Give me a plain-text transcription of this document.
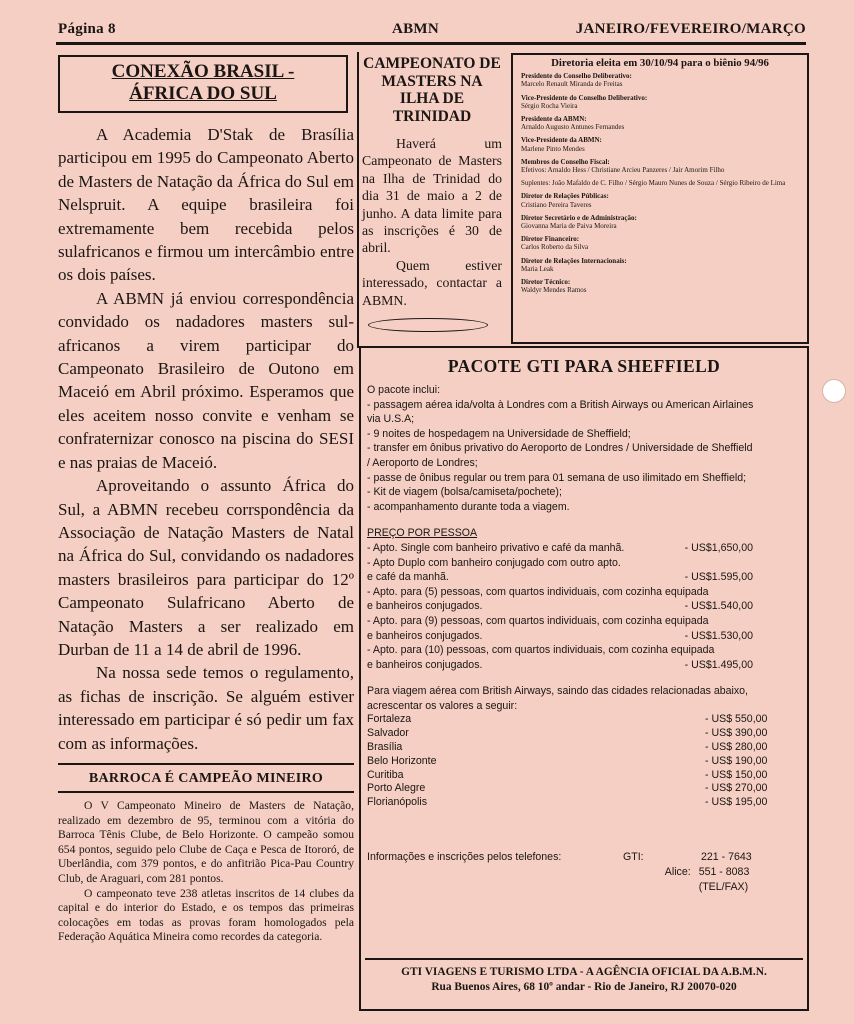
Página 8	ABMN	JANEIRO/FEVEREIRO/MARÇO
CONEXÃO BRASIL -
ÁFRICA DO SUL

A Academia D'Stak de Brasília participou em 1995 do Campeonato Aberto de Masters de Natação da África do Sul em Nelspruit. A equipe brasileira foi extremamente bem recebida pelos sulafricanos e firmou um intercâmbio entre os dois países.

A ABMN já enviou correspondência convidado os nadadores masters sul-africanos a virem participar do Campeonato Brasileiro de Outono em Maceió em Abril próximo. Esperamos que eles aceitem nosso convite e venham se confraternizar conosco na piscina do SESI e nas praias de Maceió.

Aproveitando o assunto África do Sul, a ABMN recebeu corrspondência da Associação de Natação Masters de Natal na África do Sul, convidando os nadadores masters brasileiros para participar do 12º Campeonato Sulafricano Aberto de Natação Masters a ser realizado em Durban de 11 a 14 de abril de 1996.

Na nossa sede temos o regulamento, as fichas de inscrição. Se alguém estiver interessado em participar é só pedir um fax com as informações.

BARROCA É CAMPEÃO MINEIRO

O V Campeonato Mineiro de Masters de Natação, realizado em dezembro de 95, terminou com a vitória do Barroca Tênis Clube, de Belo Horizonte. O campeão somou 654 pontos, seguido pelo Clube de Caça e Pesca de Itororó, de Uberlândia, com 379 pontos, e do anfitrião Pica-Pau Country Club, de Araguari, com 281 pontos.

O campeonato teve 238 atletas inscritos de 14 clubes da capital e do interior do Estado, e os tempos das primeiras colocações em todas as provas foram homologados pela Federação Aquática Mineira como recordes da categoria.

CAMPEONATO DE
MASTERS NA
ILHA DE
TRINIDAD

Haverá um Campeonato de Masters na Ilha de Trinidad do dia 31 de maio a 2 de junho. A data limite para as inscrições é 30 de abril.

Quem estiver interessado, contactar a ABMN.

Diretoria eleita em 30/10/94 para o biênio 94/96
Presidente do Conselho Deliberativo:
Marcelo Renault Miranda de Freitas
Vice-Presidente do Conselho Deliberativo:
Sérgio Rocha Vieira
Presidente da ABMN:
Arnaldo Augusto Antunes Fernandes
Vice-Presidente da ABMN:
Marlene Pinto Mendes
Membros do Conselho Fiscal:
Efetivos: Arnaldo Hess / Christiane Arcieu Panzeres / Jair Amorim Filho
Suplentes: João Mafaldo de C. Filho / Sérgio Mauro Nunes de Souza / Sérgio Ribeiro de Lima
Diretor de Relações Públicas:
Cristiano Pereira Taveres
Diretor Secretário e de Administração:
Giovanna Maria de Paiva Moreira
Diretor Financeiro:
Carlos Roberto da Silva
Diretor de Relações Internacionais:
Maria Leak
Diretor Técnico:
Waldyr Mendes Ramos
PACOTE GTI PARA SHEFFIELD
O pacote inclui:
- passagem aérea ida/volta à Londres com a British Airways ou American Airlaines
via U.S.A;
- 9 noites de hospedagem na Universidade de Sheffield;
- transfer em ônibus privativo do Aeroporto de Londres / Universidade de Sheffield
/ Aeroporto de Londres;
- passe de ônibus regular ou trem para 01 semana de uso ilimitado em Sheffield;
- Kit de viagem (bolsa/camiseta/pochete);
- acompanhamento durante toda a viagem.
PREÇO POR PESSOA
- Apto. Single com banheiro privativo e café da manhã.
	- US$1,650,00
- Apto Duplo com banheiro conjugado com outro apto.
e café da manhã.	- US$1.595,00
- Apto. para (5) pessoas, com quartos individuais, com cozinha equipada
e banheiros conjugados.	- US$1.540,00
- Apto. para (9) pessoas, com quartos individuais, com cozinha equipada
e banheiros conjugados.	- US$1.530,00
- Apto. para (10) pessoas, com quartos individuais, com cozinha equipada
e banheiros conjugados.	- US$1.495,00
Para viagem aérea com British Airways, saindo das cidades relacionadas abaixo,
acrescentar os valores a seguir:
Fortaleza	- US$ 550,00
Salvador	- US$ 390,00
Brasília	- US$ 280,00
Belo Horizonte	- US$ 190,00
Curitiba	- US$ 150,00
Porto Alegre	- US$ 270,00
Florianópolis	- US$ 195,00
Informações e inscrições pelos telefones:	GTI:	221 - 7643
Alice: 551 - 8083 (TEL/FAX)
GTI VIAGENS E TURISMO LTDA - A AGÊNCIA OFICIAL DA A.B.M.N.
Rua Buenos Aires, 68 10º andar - Rio de Janeiro, RJ 20070-020
